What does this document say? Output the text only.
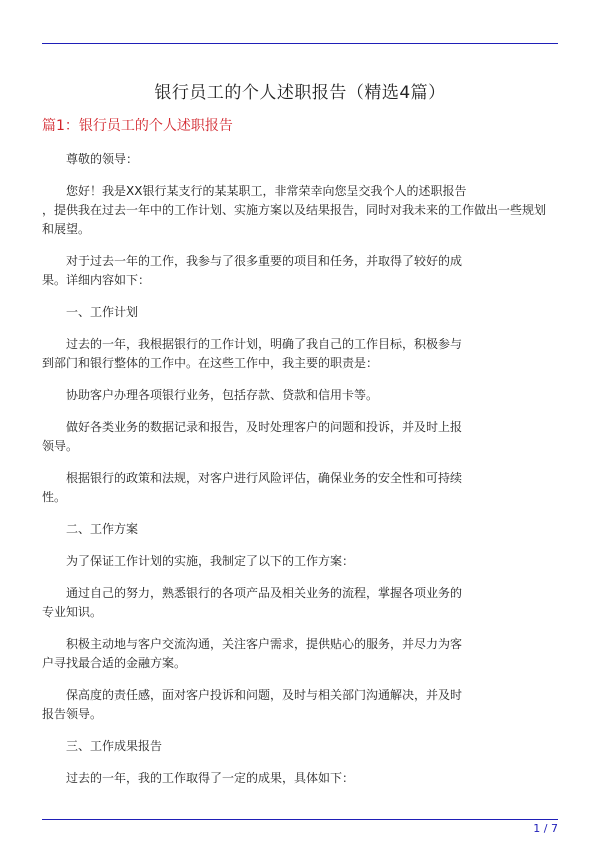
银行员工的个人述职报告（精选4篇）
篇1：银行员工的个人述职报告
尊敬的领导：
您好！我是XX银行某支行的某某职工，非常荣幸向您呈交我个人的述职报告
，提供我在过去一年中的工作计划、实施方案以及结果报告，同时对我未来的工作做出一些规划
和展望。
对于过去一年的工作，我参与了很多重要的项目和任务，并取得了较好的成
果。详细内容如下：
一、工作计划
过去的一年，我根据银行的工作计划，明确了我自己的工作目标，积极参与
到部门和银行整体的工作中。在这些工作中，我主要的职责是：
协助客户办理各项银行业务，包括存款、贷款和信用卡等。
做好各类业务的数据记录和报告，及时处理客户的问题和投诉，并及时上报
领导。
根据银行的政策和法规，对客户进行风险评估，确保业务的安全性和可持续
性。
二、工作方案
为了保证工作计划的实施，我制定了以下的工作方案：
通过自己的努力，熟悉银行的各项产品及相关业务的流程，掌握各项业务的
专业知识。
积极主动地与客户交流沟通，关注客户需求，提供贴心的服务，并尽力为客
户寻找最合适的金融方案。
保高度的责任感，面对客户投诉和问题，及时与相关部门沟通解决，并及时
报告领导。
三、工作成果报告
过去的一年，我的工作取得了一定的成果，具体如下：
1 / 7
